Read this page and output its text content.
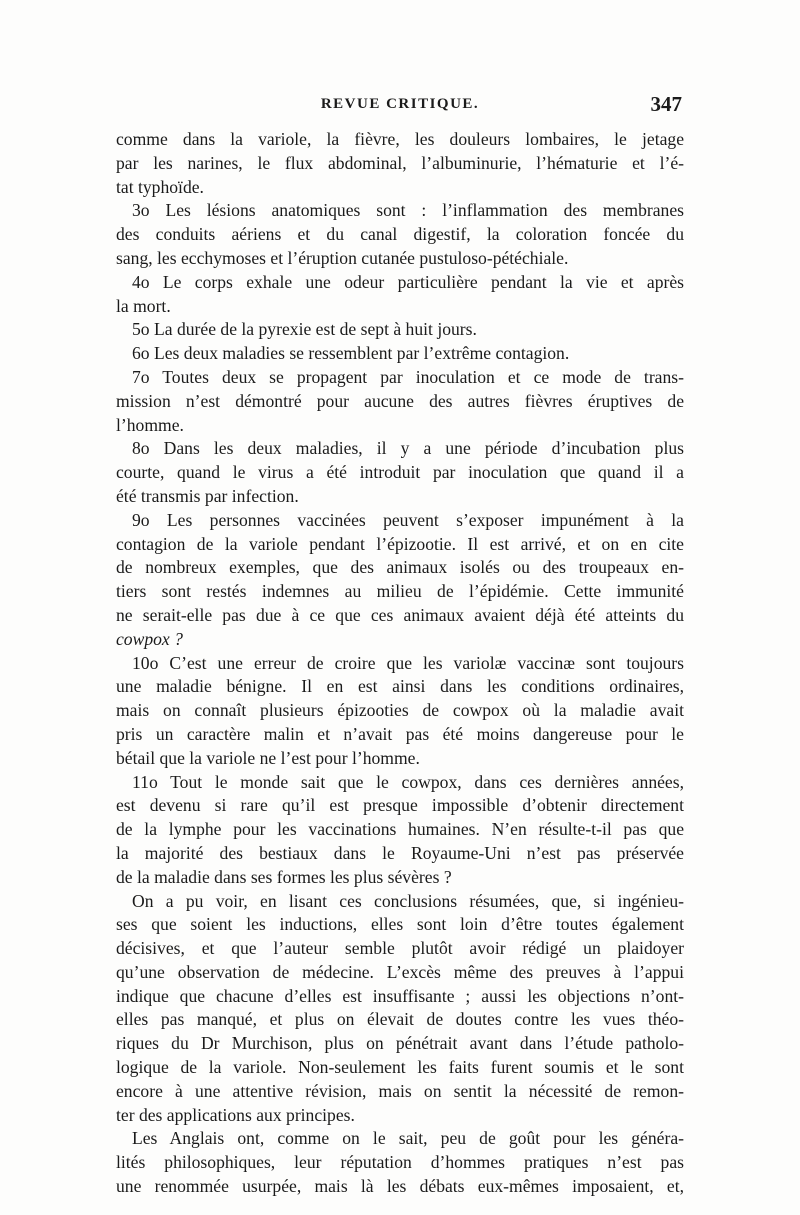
REVUE CRITIQUE.	347
comme dans la variole, la fièvre, les douleurs lombaires, le jetage
par les narines, le flux abdominal, l’albuminurie, l’hématurie et l’é-
tat typhoïde.
3o Les lésions anatomiques sont : l’inflammation des membranes
des conduits aériens et du canal digestif, la coloration foncée du
sang, les ecchymoses et l’éruption cutanée pustuloso-pétéchiale.
4o Le corps exhale une odeur particulière pendant la vie et après
la mort.
5o La durée de la pyrexie est de sept à huit jours.
6o Les deux maladies se ressemblent par l’extrême contagion.
7o Toutes deux se propagent par inoculation et ce mode de trans-
mission n’est démontré pour aucune des autres fièvres éruptives de
l’homme.
8o Dans les deux maladies, il y a une période d’incubation plus
courte, quand le virus a été introduit par inoculation que quand il a
été transmis par infection.
9o Les personnes vaccinées peuvent s’exposer impunément à la
contagion de la variole pendant l’épizootie. Il est arrivé, et on en cite
de nombreux exemples, que des animaux isolés ou des troupeaux en-
tiers sont restés indemnes au milieu de l’épidémie. Cette immunité
ne serait-elle pas due à ce que ces animaux avaient déjà été atteints du
cowpox ?
10o C’est une erreur de croire que les variolæ vaccinæ sont toujours
une maladie bénigne. Il en est ainsi dans les conditions ordinaires,
mais on connaît plusieurs épizooties de cowpox où la maladie avait
pris un caractère malin et n’avait pas été moins dangereuse pour le
bétail que la variole ne l’est pour l’homme.
11o Tout le monde sait que le cowpox, dans ces dernières années,
est devenu si rare qu’il est presque impossible d’obtenir directement
de la lymphe pour les vaccinations humaines. N’en résulte-t-il pas que
la majorité des bestiaux dans le Royaume-Uni n’est pas préservée
de la maladie dans ses formes les plus sévères ?
On a pu voir, en lisant ces conclusions résumées, que, si ingénieu-
ses que soient les inductions, elles sont loin d’être toutes également
décisives, et que l’auteur semble plutôt avoir rédigé un plaidoyer
qu’une observation de médecine. L’excès même des preuves à l’appui
indique que chacune d’elles est insuffisante ; aussi les objections n’ont-
elles pas manqué, et plus on élevait de doutes contre les vues théo-
riques du Dr Murchison, plus on pénétrait avant dans l’étude patholo-
logique de la variole. Non-seulement les faits furent soumis et le sont
encore à une attentive révision, mais on sentit la nécessité de remon-
ter des applications aux principes.
Les Anglais ont, comme on le sait, peu de goût pour les généra-
lités philosophiques, leur réputation d’hommes pratiques n’est pas
une renommée usurpée, mais là les débats eux-mêmes imposaient, et,
